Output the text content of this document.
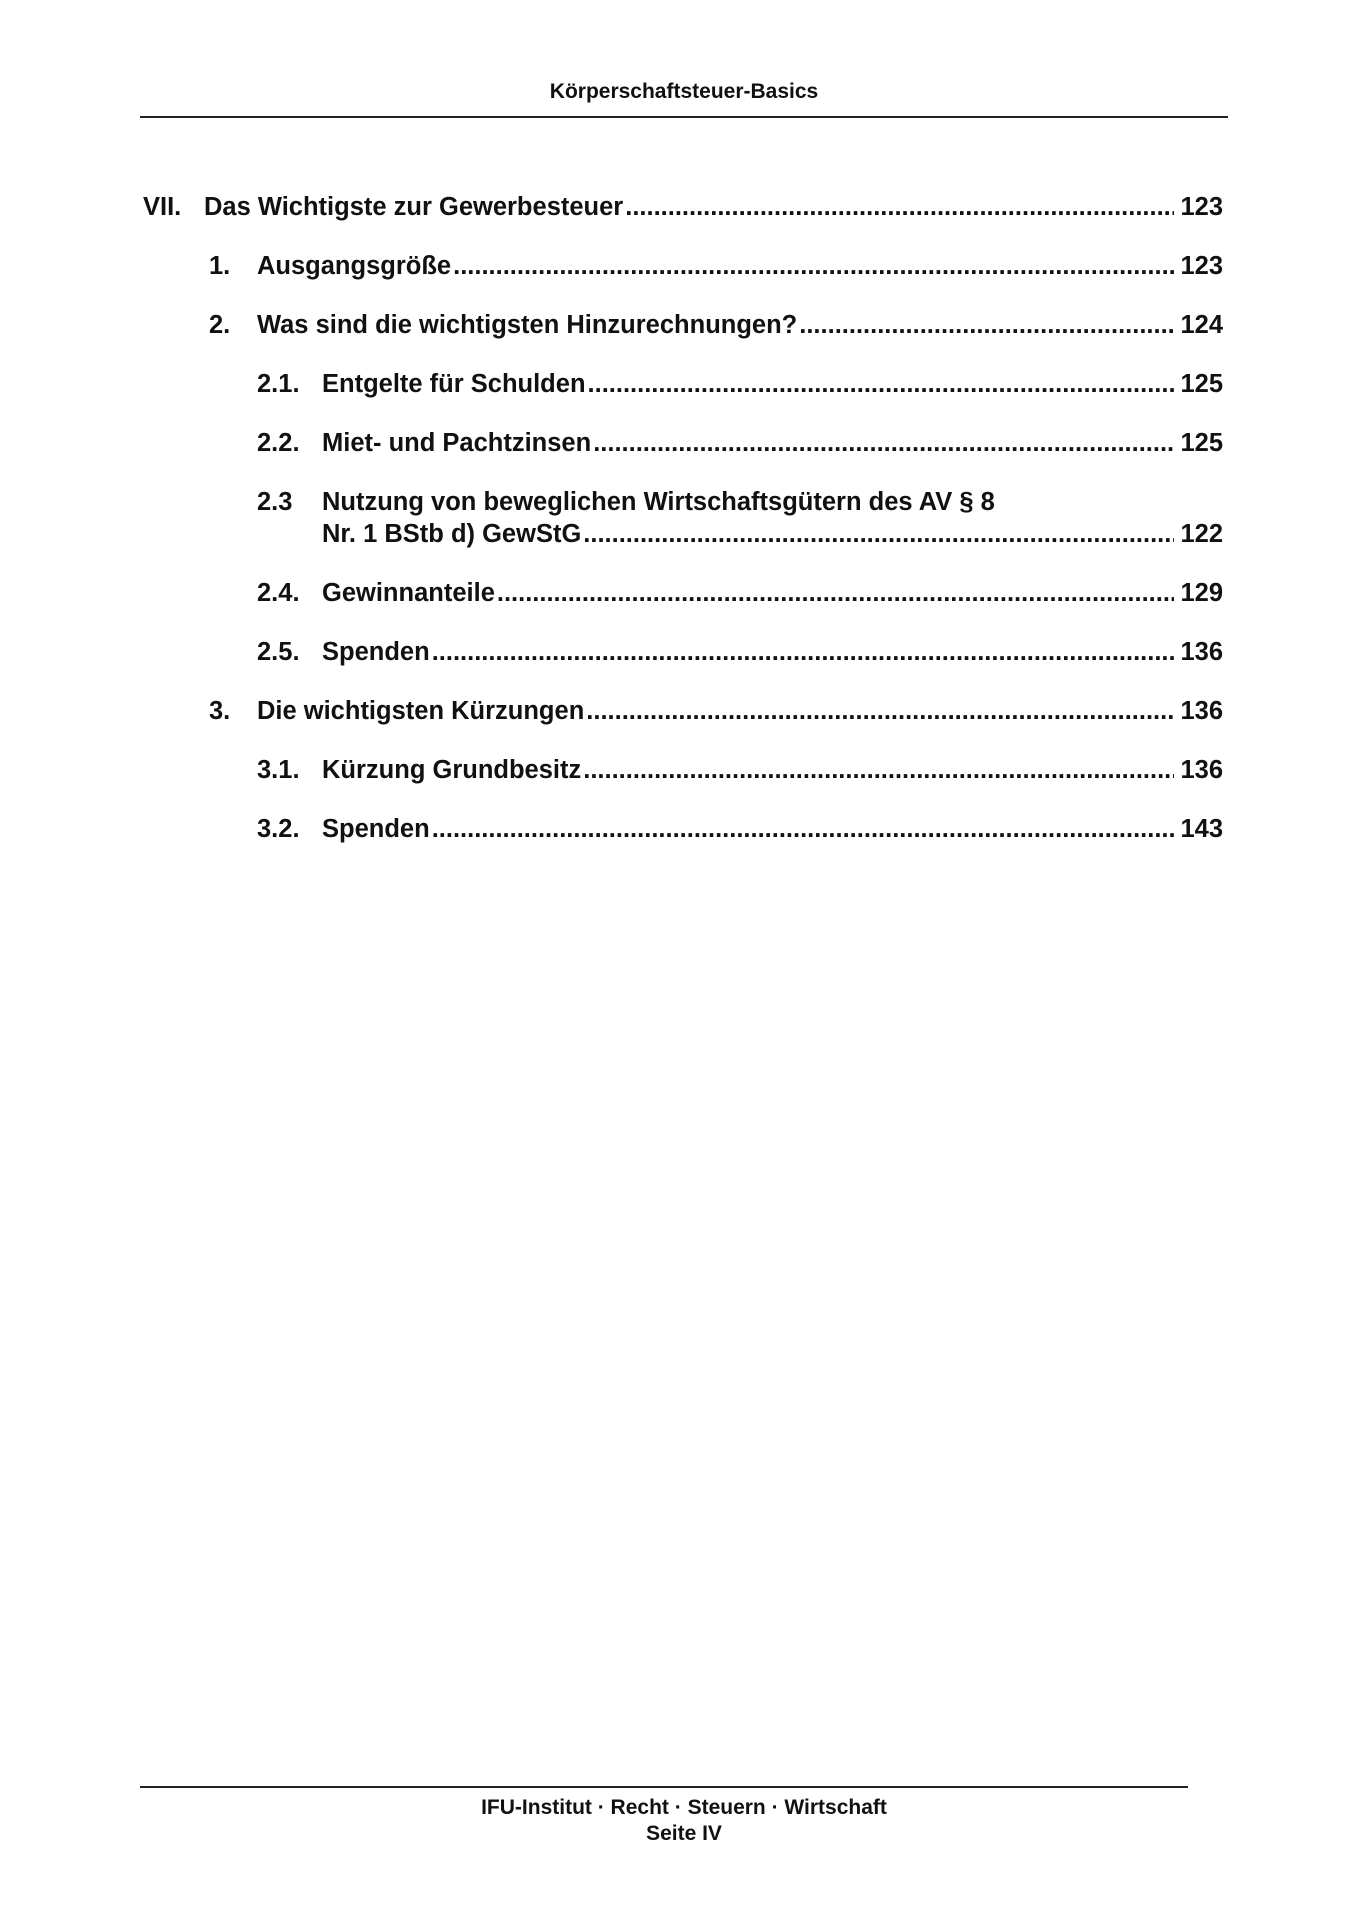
Körperschaftsteuer-Basics
VII. Das Wichtigste zur Gewerbesteuer .....	123
1. Ausgangsgröße .....	123
2. Was sind die wichtigsten Hinzurechnungen? .....	124
2.1. Entgelte für Schulden .....	125
2.2. Miet- und Pachtzinsen .....	125
2.3 Nutzung von beweglichen Wirtschaftsgütern des AV § 8
Nr. 1 BStb d) GewStG .....	122
2.4. Gewinnanteile .....	129
2.5. Spenden .....	136
3. Die wichtigsten Kürzungen .....	136
3.1. Kürzung Grundbesitz .....	136
3.2. Spenden .....	143
IFU-Institut · Recht · Steuern · Wirtschaft
Seite IV
